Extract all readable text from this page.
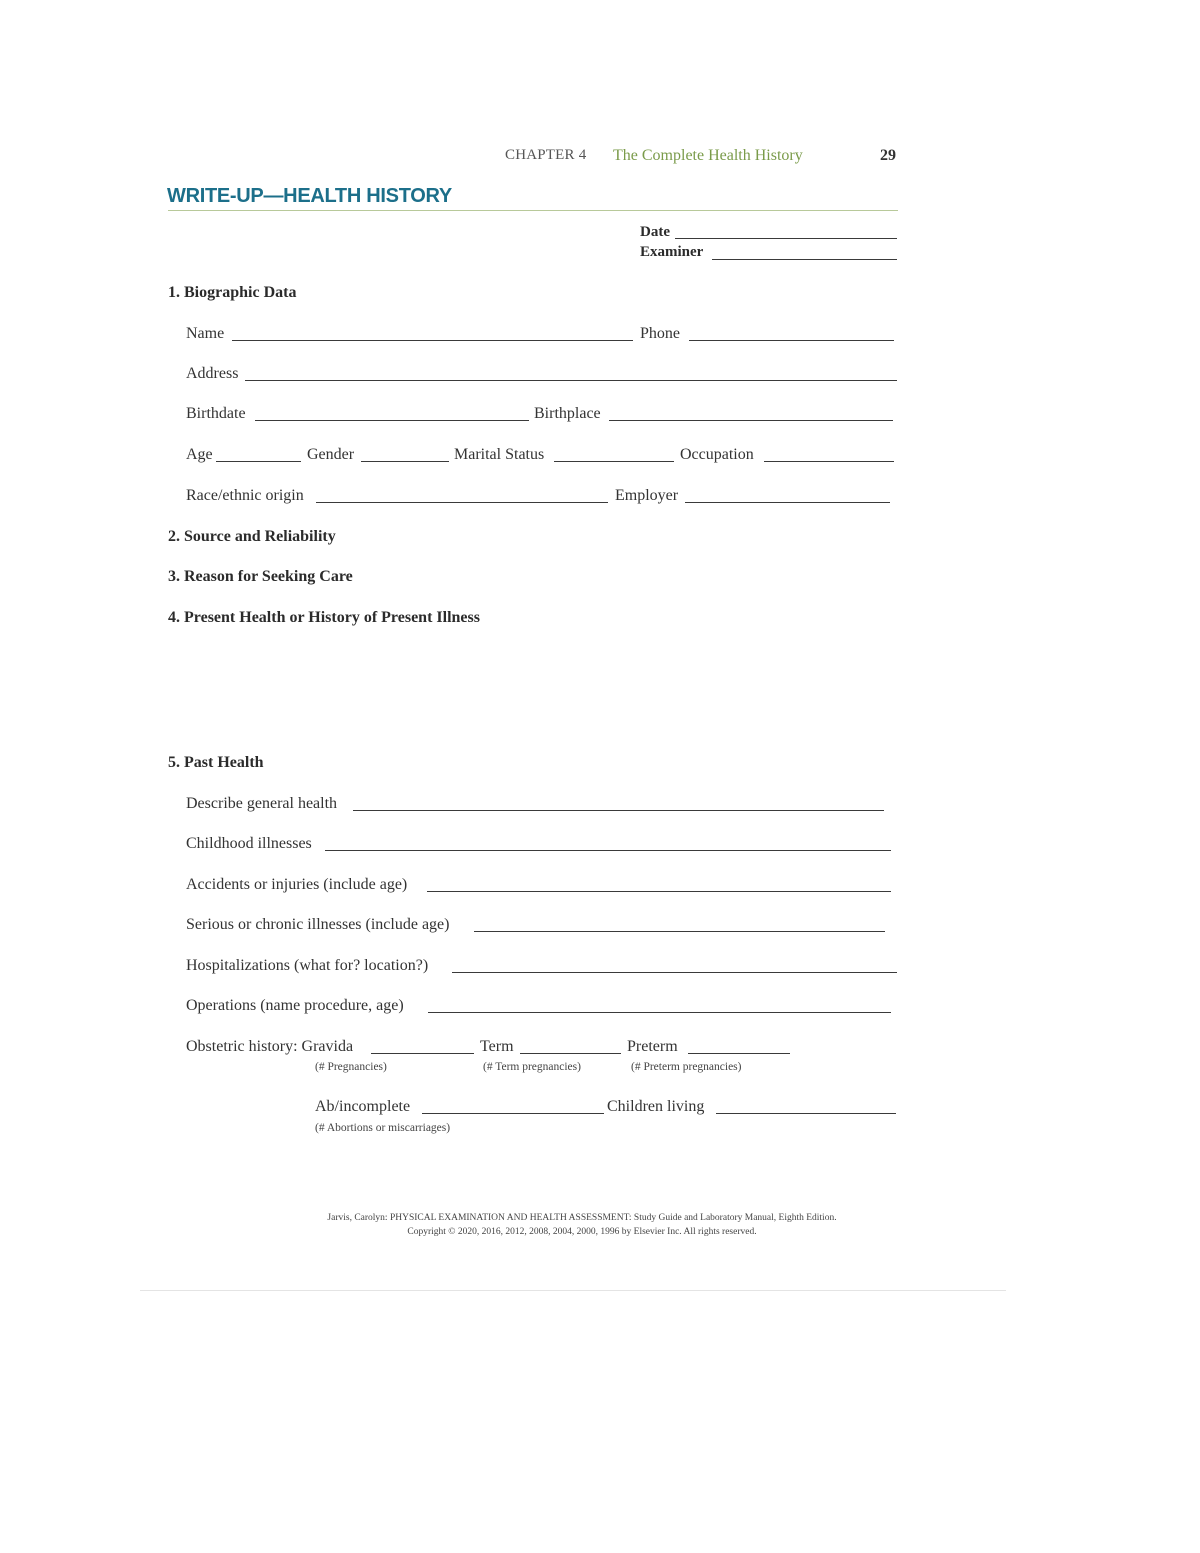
CHAPTER 4 The Complete Health History	29
WRITE-UP—HEALTH HISTORY
Date
Examiner
1. Biographic Data
Name	Phone
Address
Birthdate	Birthplace
Age	Gender	Marital Status	Occupation
Race/ethnic origin	Employer
2. Source and Reliability
3. Reason for Seeking Care
4. Present Health or History of Present Illness
5. Past Health
Describe general health
Childhood illnesses
Accidents or injuries (include age)
Serious or chronic illnesses (include age)
Hospitalizations (what for? location?)
Operations (name procedure, age)
Obstetric history: Gravida	Term	Preterm
(# Pregnancies)	(# Term pregnancies)	(# Preterm pregnancies)
Ab/incomplete	Children living
(# Abortions or miscarriages)
Jarvis, Carolyn: PHYSICAL EXAMINATION AND HEALTH ASSESSMENT: Study Guide and Laboratory Manual, Eighth Edition.
Copyright © 2020, 2016, 2012, 2008, 2004, 2000, 1996 by Elsevier Inc. All rights reserved.
